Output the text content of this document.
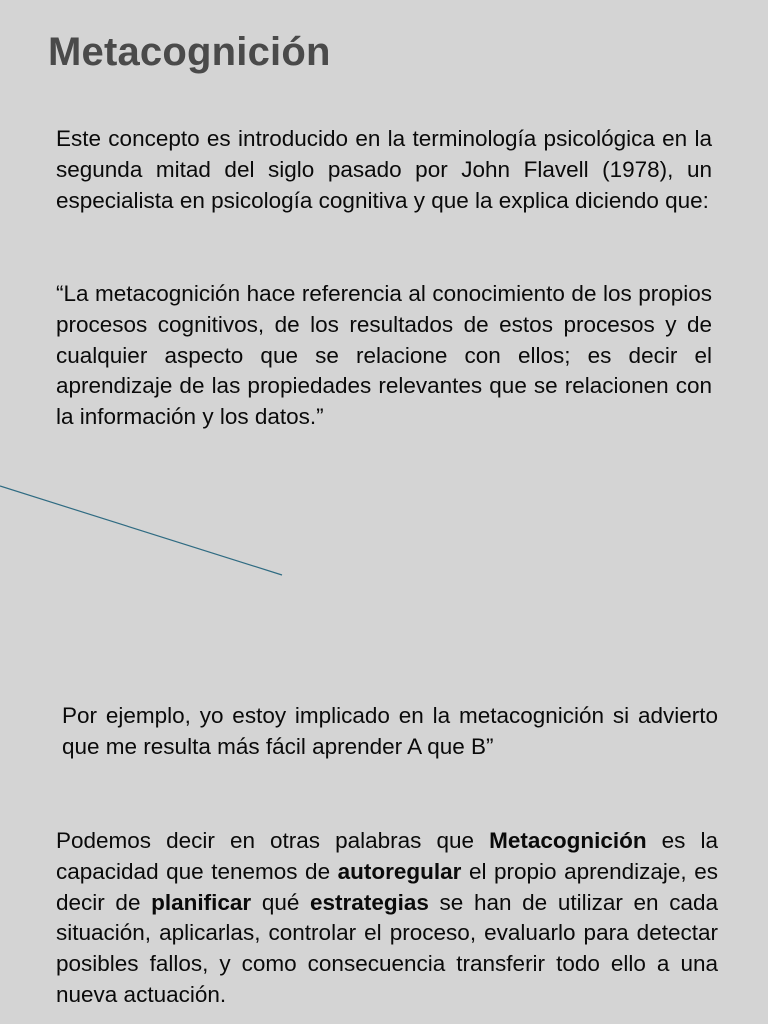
Metacognición

Este concepto es introducido en la terminología psicológica en la segunda mitad del siglo pasado por John Flavell (1978), un especialista en psicología cognitiva y que la explica diciendo que:

“La metacognición hace referencia al conocimiento de los propios procesos cognitivos, de los resultados de estos procesos y de cualquier aspecto que se relacione con ellos; es decir el aprendizaje de las propiedades relevantes que se relacionen con la información y los datos.”

Por ejemplo, yo estoy implicado en la metacognición si advierto que me resulta más fácil aprender A que B”

Podemos decir en otras palabras que Metacognición es la capacidad que tenemos de autoregular el propio aprendizaje, es decir de planificar qué estrategias se han de utilizar en cada situación, aplicarlas, controlar el proceso, evaluarlo para detectar posibles fallos, y como consecuencia transferir todo ello a una nueva actuación.
